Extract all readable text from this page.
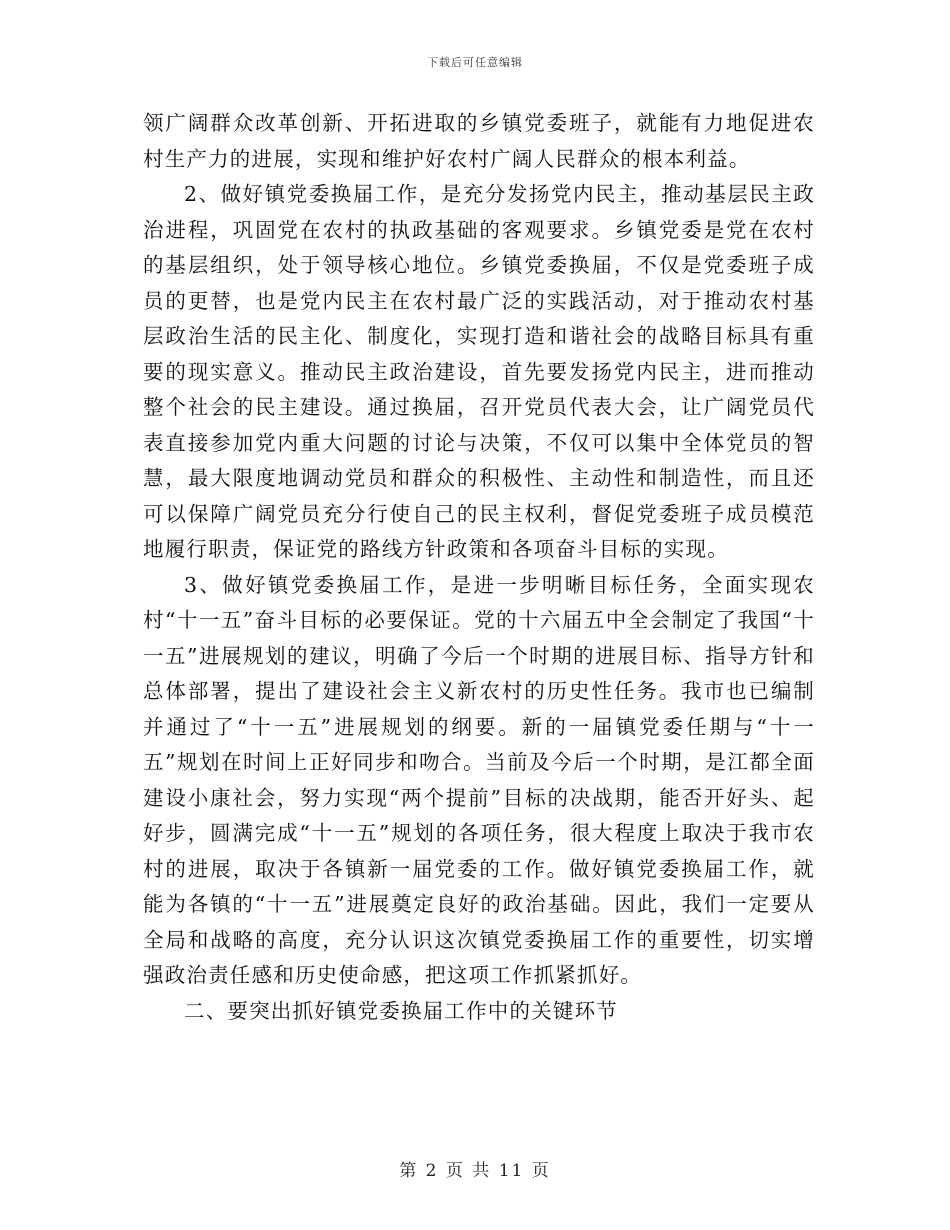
下载后可任意编辑

领广阔群众改革创新、开拓进取的乡镇党委班子，就能有力地促进农村生产力的进展，实现和维护好农村广阔人民群众的根本利益。

2、做好镇党委换届工作，是充分发扬党内民主，推动基层民主政治进程，巩固党在农村的执政基础的客观要求。乡镇党委是党在农村的基层组织，处于领导核心地位。乡镇党委换届，不仅是党委班子成员的更替，也是党内民主在农村最广泛的实践活动，对于推动农村基层政治生活的民主化、制度化，实现打造和谐社会的战略目标具有重要的现实意义。推动民主政治建设，首先要发扬党内民主，进而推动整个社会的民主建设。通过换届，召开党员代表大会，让广阔党员代表直接参加党内重大问题的讨论与决策，不仅可以集中全体党员的智慧，最大限度地调动党员和群众的积极性、主动性和制造性，而且还可以保障广阔党员充分行使自己的民主权利，督促党委班子成员模范地履行职责，保证党的路线方针政策和各项奋斗目标的实现。

3、做好镇党委换届工作，是进一步明晰目标任务，全面实现农村“十一五”奋斗目标的必要保证。党的十六届五中全会制定了我国“十一五”进展规划的建议，明确了今后一个时期的进展目标、指导方针和总体部署，提出了建设社会主义新农村的历史性任务。我市也已编制并通过了“十一五”进展规划的纲要。新的一届镇党委任期与“十一五”规划在时间上正好同步和吻合。当前及今后一个时期，是江都全面建设小康社会，努力实现“两个提前”目标的决战期，能否开好头、起好步，圆满完成“十一五”规划的各项任务，很大程度上取决于我市农村的进展，取决于各镇新一届党委的工作。做好镇党委换届工作，就能为各镇的“十一五”进展奠定良好的政治基础。因此，我们一定要从全局和战略的高度，充分认识这次镇党委换届工作的重要性，切实增强政治责任感和历史使命感，把这项工作抓紧抓好。

二、要突出抓好镇党委换届工作中的关键环节

第 2 页 共 11 页
